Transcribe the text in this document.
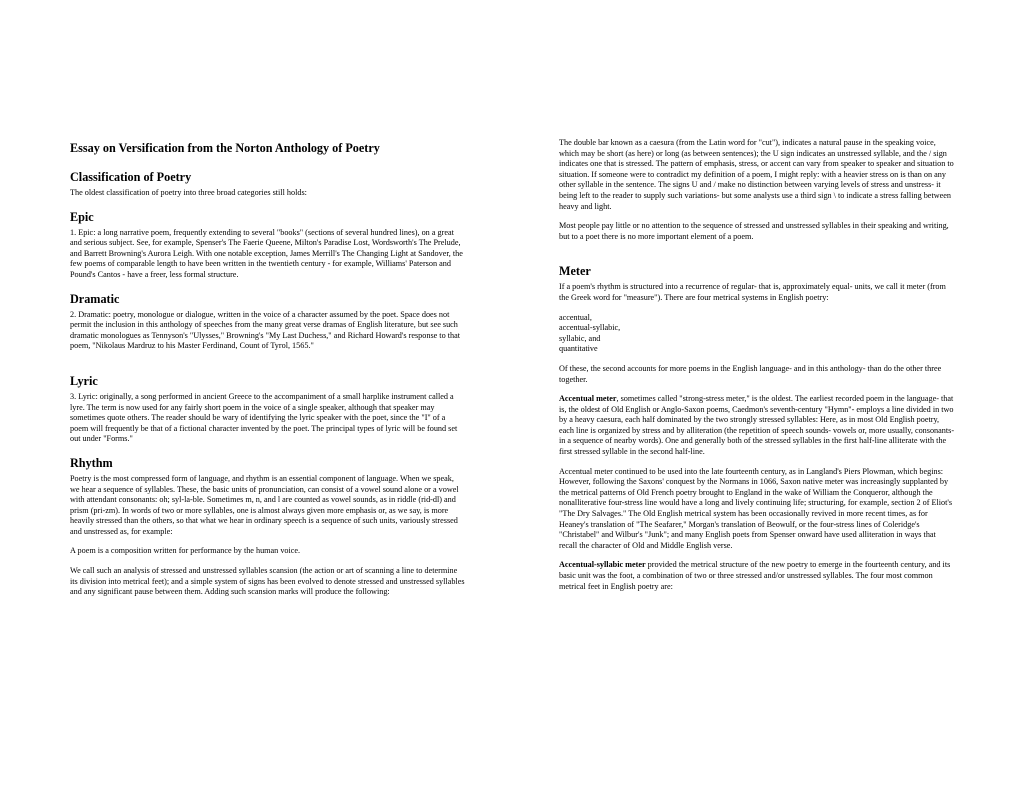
Essay on Versification from the Norton Anthology of Poetry
Classification of Poetry

The oldest classification of poetry into three broad categories still holds:

Epic

1. Epic: a long narrative poem, frequently extending to several "books" (sections of several hundred lines), on a great and serious subject. See, for example, Spenser's The Faerie Queene, Milton's Paradise Lost, Wordsworth's The Prelude, and Barrett Browning's Aurora Leigh. With one notable exception, James Merrill's The Changing Light at Sandover, the few poems of comparable length to have been written in the twentieth century - for example, Williams' Paterson and Pound's Cantos - have a freer, less formal structure.

Dramatic

2. Dramatic: poetry, monologue or dialogue, written in the voice of a character assumed by the poet. Space does not permit the inclusion in this anthology of speeches from the many great verse dramas of English literature, but see such dramatic monologues as Tennyson's "Ulysses," Browning's "My Last Duchess," and Richard Howard's response to that poem, "Nikolaus Mardruz to his Master Ferdinand, Count of Tyrol, 1565."

Lyric

3. Lyric: originally, a song performed in ancient Greece to the accompaniment of a small harplike instrument called a lyre. The term is now used for any fairly short poem in the voice of a single speaker, although that speaker may sometimes quote others. The reader should be wary of identifying the lyric speaker with the poet, since the "I" of a poem will frequently be that of a fictional character invented by the poet. The principal types of lyric will be found set out under "Forms."

Rhythm

Poetry is the most compressed form of language, and rhythm is an essential component of language. When we speak, we hear a sequence of syllables. These, the basic units of pronunciation, can consist of a vowel sound alone or a vowel with attendant consonants: oh; syl-la-ble. Sometimes m, n, and l are counted as vowel sounds, as in riddle (rid-dl) and prism (pri-zm). In words of two or more syllables, one is almost always given more emphasis or, as we say, is more heavily stressed than the others, so that what we hear in ordinary speech is a sequence of such units, variously stressed and unstressed as, for example:

A poem is a composition written for performance by the human voice.

We call such an analysis of stressed and unstressed syllables scansion (the action or art of scanning a line to determine its division into metrical feet); and a simple system of signs has been evolved to denote stressed and unstressed syllables and any significant pause between them. Adding such scansion marks will produce the following:

The double bar known as a caesura (from the Latin word for "cut"), indicates a natural pause in the speaking voice, which may be short (as here) or long (as between sentences); the U sign indicates an unstressed syllable, and the / sign indicates one that is stressed. The pattern of emphasis, stress, or accent can vary from speaker to speaker and situation to situation. If someone were to contradict my definition of a poem, I might reply: with a heavier stress on is than on any other syllable in the sentence. The signs U and / make no distinction between varying levels of stress and unstress- it being left to the reader to supply such variations- but some analysts use a third sign \ to indicate a stress falling between heavy and light.

Most people pay little or no attention to the sequence of stressed and unstressed syllables in their speaking and writing, but to a poet there is no more important element of a poem.

Meter

If a poem's rhythm is structured into a recurrence of regular- that is, approximately equal- units, we call it meter (from the Greek word for "measure"). There are four metrical systems in English poetry:

accentual,

accentual-syllabic,

syllabic, and

quantitative

Of these, the second accounts for more poems in the English language- and in this anthology- than do the other three together.

Accentual meter, sometimes called "strong-stress meter," is the oldest. The earliest recorded poem in the language- that is, the oldest of Old English or Anglo-Saxon poems, Caedmon's seventh-century "Hymn"- employs a line divided in two by a heavy caesura, each half dominated by the two strongly stressed syllables: Here, as in most Old English poetry, each line is organized by stress and by alliteration (the repetition of speech sounds- vowels or, more usually, consonants- in a sequence of nearby words). One and generally both of the stressed syllables in the first half-line alliterate with the first stressed syllable in the second half-line.

Accentual meter continued to be used into the late fourteenth century, as in Langland's Piers Plowman, which begins: However, following the Saxons' conquest by the Normans in 1066, Saxon native meter was increasingly supplanted by the metrical patterns of Old French poetry brought to England in the wake of William the Conqueror, although the nonalliterative four-stress line would have a long and lively continuing life; structuring, for example, section 2 of Eliot's "The Dry Salvages." The Old English metrical system has been occasionally revived in more recent times, as for Heaney's translation of "The Seafarer," Morgan's translation of Beowulf, or the four-stress lines of Coleridge's "Christabel" and Wilbur's "Junk"; and many English poets from Spenser onward have used alliteration in ways that recall the character of Old and Middle English verse.

Accentual-syllabic meter provided the metrical structure of the new poetry to emerge in the fourteenth century, and its basic unit was the foot, a combination of two or three stressed and/or unstressed syllables. The four most common metrical feet in English poetry are:
